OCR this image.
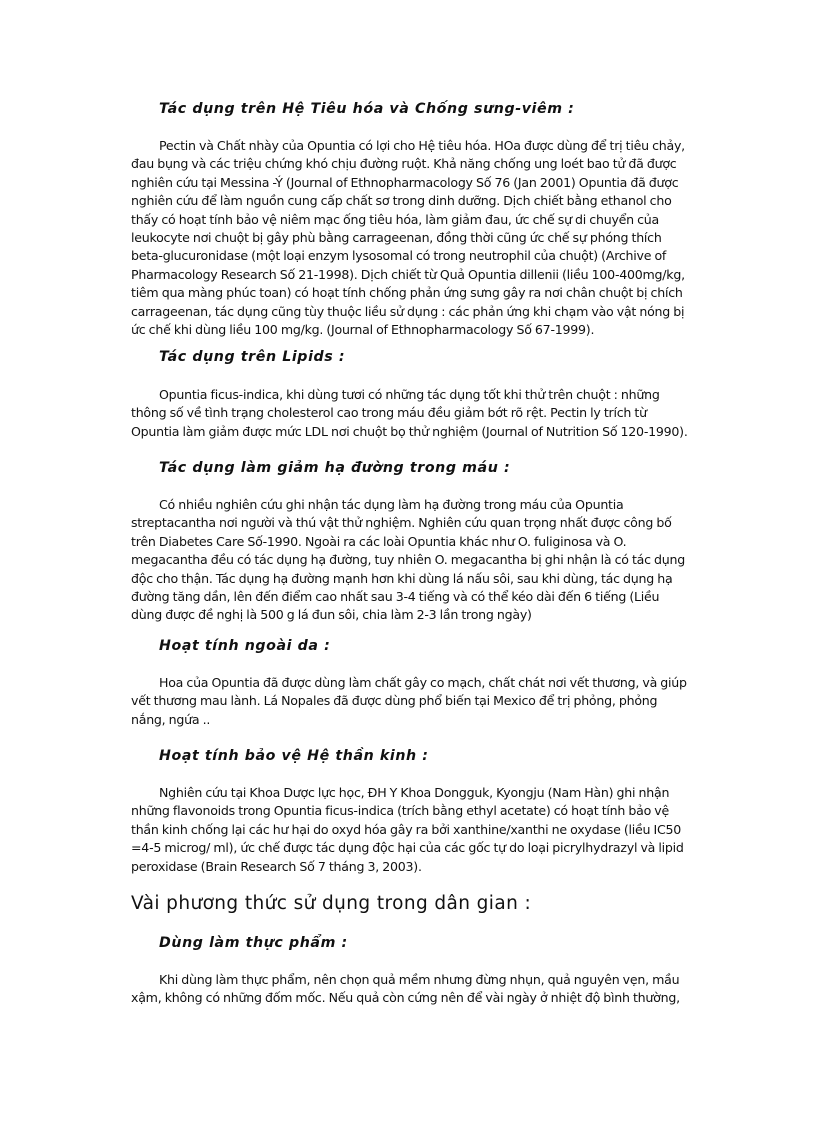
Tác dụng trên Hệ Tiêu hóa và Chống sưng-viêm :
Pectin và Chất nhày của Opuntia có lợi cho Hệ tiêu hóa. HOa được dùng để trị tiêu chảy,
đau bụng và các triệu chứng khó chịu đường ruột. Khả năng chống ung loét bao tử đã được
nghiên cứu tại Messina -Ý (Journal of Ethnopharmacology Số 76 (Jan 2001) Opuntia đã được
nghiên cứu để làm nguồn cung cấp chất sơ trong dinh dưỡng. Dịch chiết bằng ethanol cho
thấy có hoạt tính bảo vệ niêm mạc ống tiêu hóa, làm giảm đau, ức chế sự di chuyển của
leukocyte nơi chuột bị gây phù bằng carrageenan, đồng thời cũng ức chế sự phóng thích
beta-glucuronidase (một loại enzym lysosomal có trong neutrophil của chuột) (Archive of
Pharmacology Research Số 21-1998). Dịch chiết từ Quả Opuntia dillenii (liều 100-400mg/kg,
tiêm qua màng phúc toan) có hoạt tính chống phản ứng sưng gây ra nơi chân chuột bị chích
carrageenan, tác dụng cũng tùy thuộc liều sử dụng : các phản ứng khi chạm vào vật nóng bị
ức chế khi dùng liều 100 mg/kg. (Journal of Ethnopharmacology Số 67-1999).
Tác dụng trên Lipids :
Opuntia ficus-indica, khi dùng tươi có những tác dụng tốt khi thử trên chuột : những
thông số về tình trạng cholesterol cao trong máu đều giảm bớt rõ rệt. Pectin ly trích từ
Opuntia làm giảm được mức LDL nơi chuột bọ thử nghiệm (Journal of Nutrition Số 120-1990).
Tác dụng làm giảm hạ đường trong máu :
Có nhiều nghiên cứu ghi nhận tác dụng làm hạ đường trong máu của Opuntia
streptacantha nơi người và thú vật thử nghiệm. Nghiên cứu quan trọng nhất được công bố
trên Diabetes Care Số-1990. Ngoài ra các loài Opuntia khác như O. fuliginosa và O.
megacantha đều có tác dụng hạ đường, tuy nhiên O. megacantha bị ghi nhận là có tác dụng
độc cho thận. Tác dụng hạ đường mạnh hơn khi dùng lá nấu sôi, sau khi dùng, tác dụng hạ
đường tăng dần, lên đến điểm cao nhất sau 3-4 tiếng và có thể kéo dài đến 6 tiếng (Liều
dùng được đề nghị là 500 g lá đun sôi, chia làm 2-3 lần trong ngày)
Hoạt tính ngoài da :
Hoa của Opuntia đã được dùng làm chất gây co mạch, chất chát nơi vết thương, và giúp
vết thương mau lành. Lá Nopales đã được dùng phổ biến tại Mexico để trị phỏng, phỏng
nắng, ngứa ..
Hoạt tính bảo vệ Hệ thần kinh :
Nghiên cứu tại Khoa Dược lực học, ĐH Y Khoa Dongguk, Kyongju (Nam Hàn) ghi nhận
những flavonoids trong Opuntia ficus-indica (trích bằng ethyl acetate) có hoạt tính bảo vệ
thần kinh chống lại các hư hại do oxyd hóa gây ra bởi xanthine/xanthi ne oxydase (liều IC50
=4-5 microg/ ml), ức chế được tác dụng độc hại của các gốc tự do loại picrylhydrazyl và lipid
peroxidase (Brain Research Số 7 tháng 3, 2003).
Vài phương thức sử dụng trong dân gian :
Dùng làm thực phẩm :
Khi dùng làm thực phẩm, nên chọn quả mềm nhưng đừng nhụn, quả nguyên vẹn, mầu
xậm, không có những đốm mốc. Nếu quả còn cứng nên để vài ngày ở nhiệt độ bình thường,
